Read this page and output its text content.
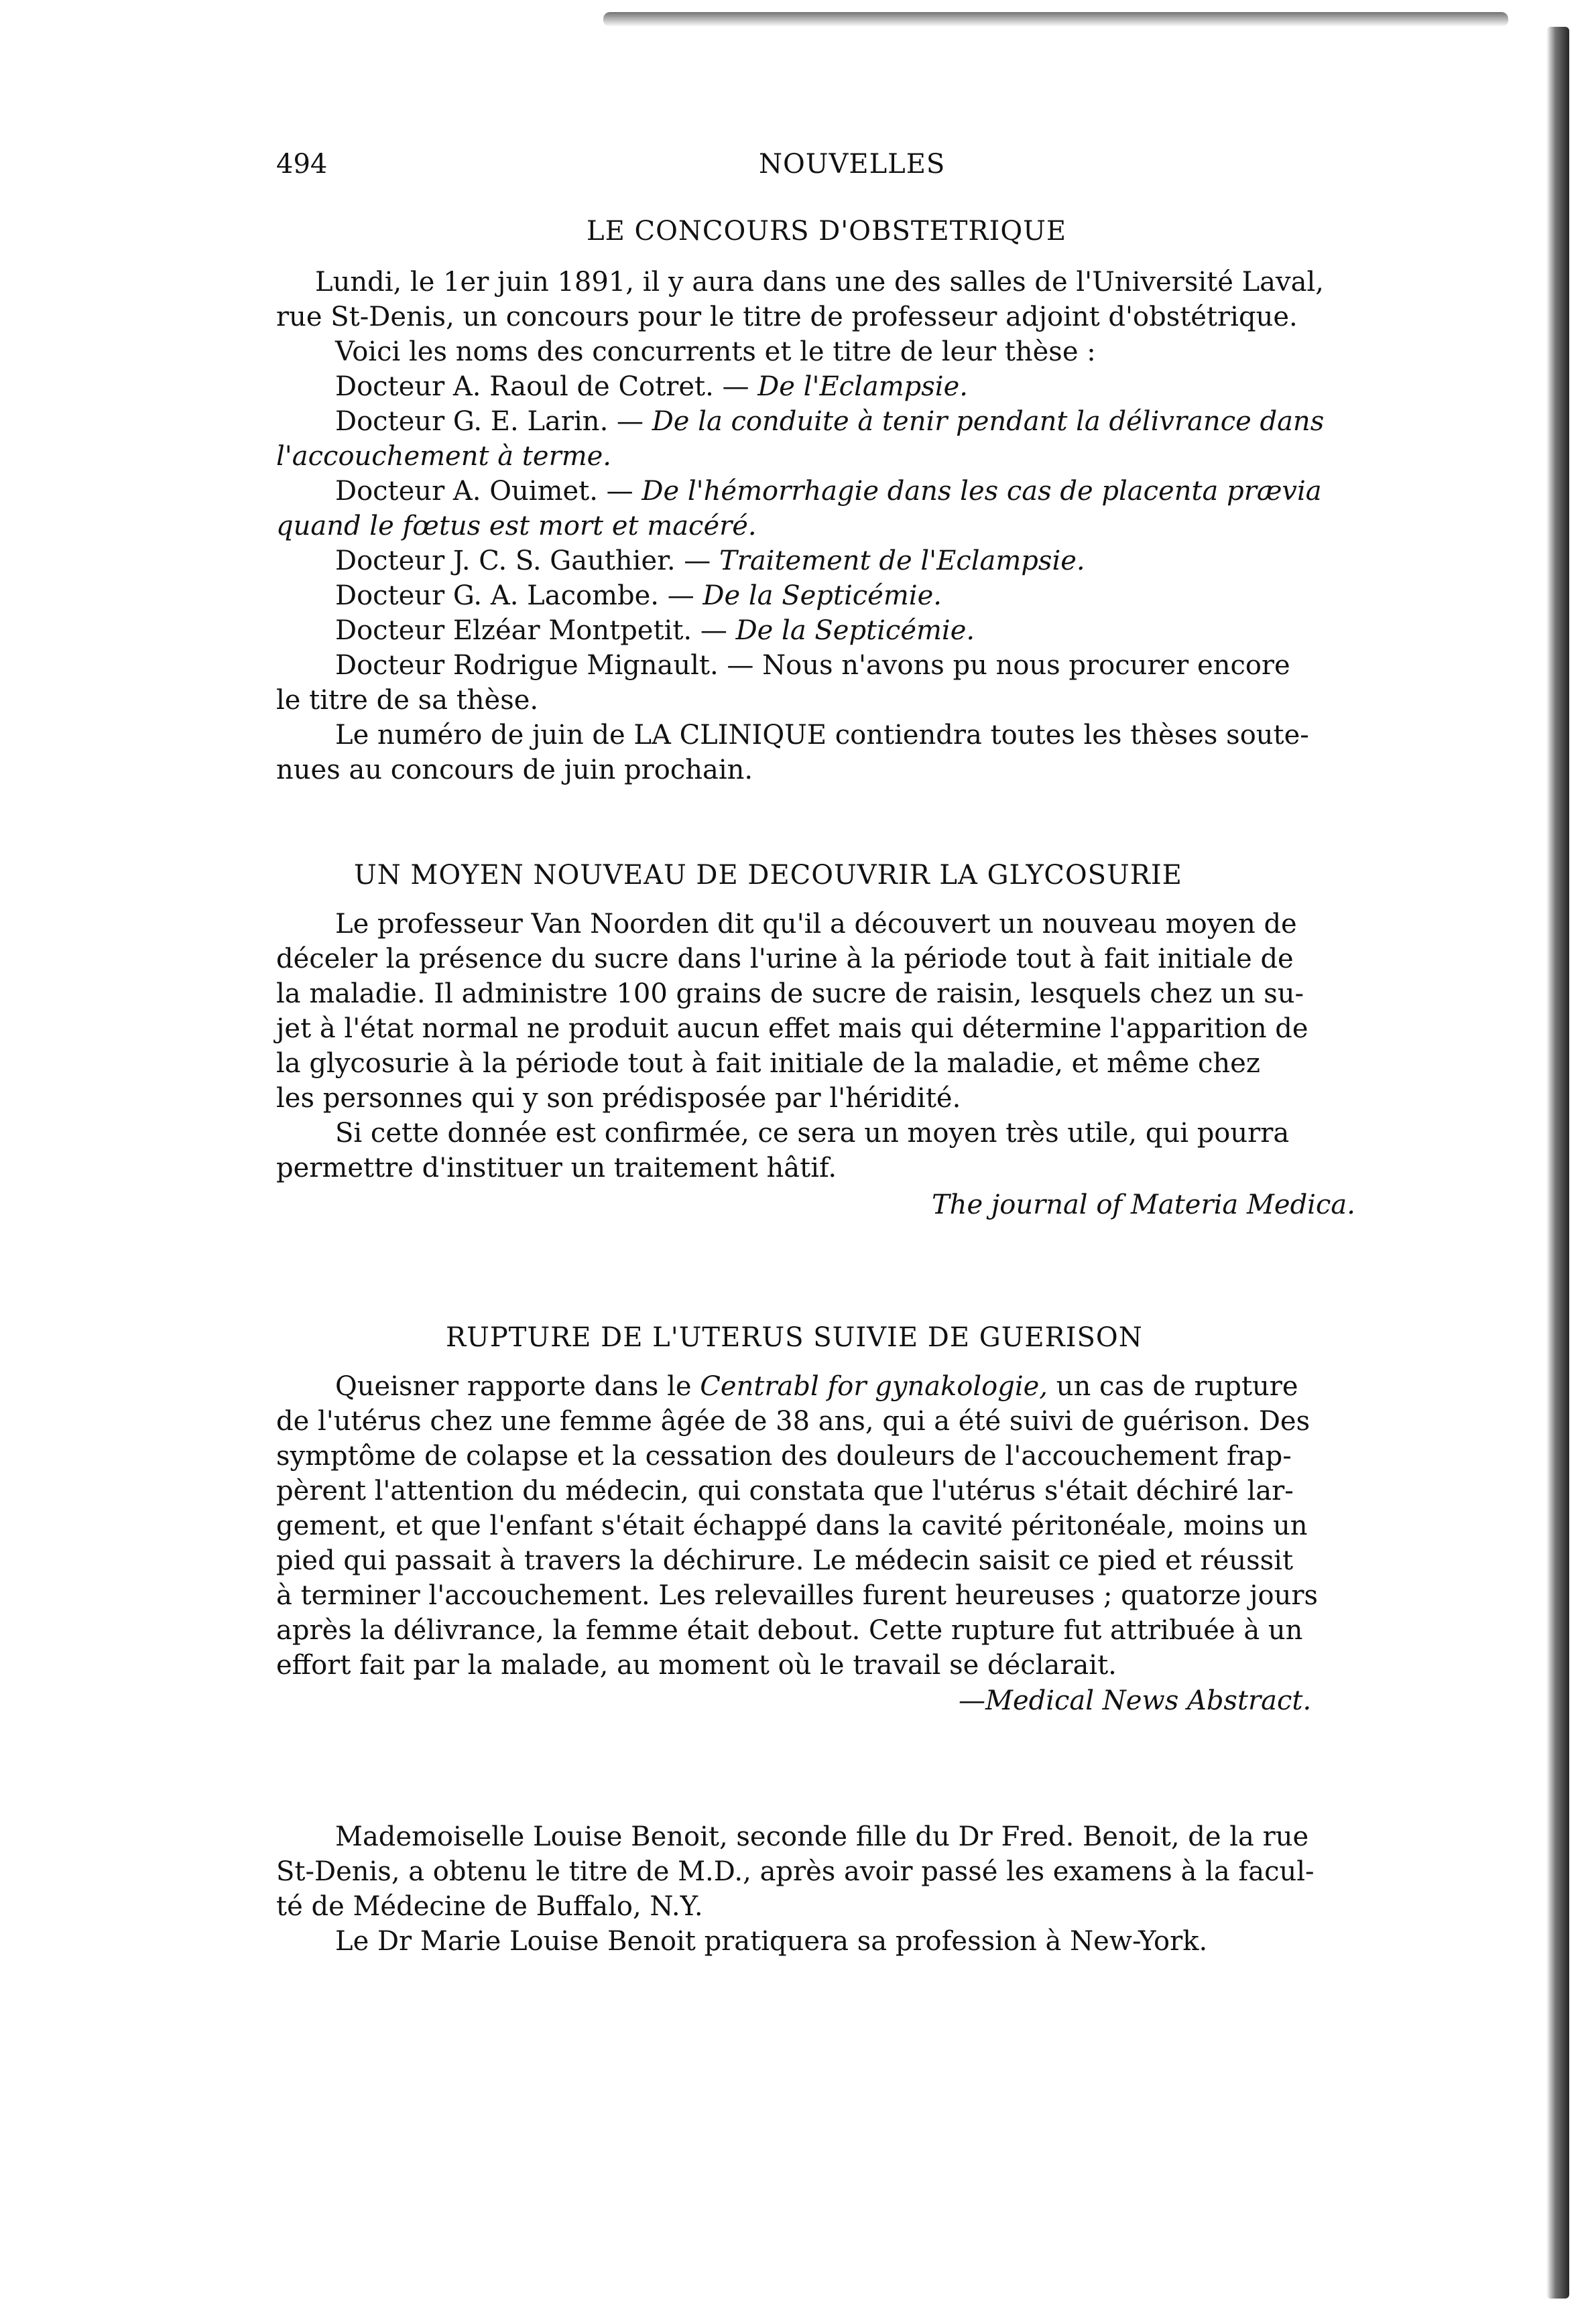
494	NOUVELLES
LE CONCOURS D'OBSTETRIQUE
Lundi, le 1er juin 1891, il y aura dans une des salles de l'Université Laval,
rue St-Denis, un concours pour le titre de professeur adjoint d'obstétrique.
Voici les noms des concurrents et le titre de leur thèse :
Docteur A. Raoul de Cotret. — De l'Eclampsie.
Docteur G. E. Larin. — De la conduite à tenir pendant la délivrance dans
l'accouchement à terme.
Docteur A. Ouimet. — De l'hémorrhagie dans les cas de placenta prævia
quand le fœtus est mort et macéré.
Docteur J. C. S. Gauthier. — Traitement de l'Eclampsie.
Docteur G. A. Lacombe. — De la Septicémie.
Docteur Elzéar Montpetit. — De la Septicémie.
Docteur Rodrigue Mignault. — Nous n'avons pu nous procurer encore
le titre de sa thèse.
Le numéro de juin de LA CLINIQUE contiendra toutes les thèses soute-
nues au concours de juin prochain.
UN MOYEN NOUVEAU DE DECOUVRIR LA GLYCOSURIE
Le professeur Van Noorden dit qu'il a découvert un nouveau moyen de
déceler la présence du sucre dans l'urine à la période tout à fait initiale de
la maladie. Il administre 100 grains de sucre de raisin, lesquels chez un su-
jet à l'état normal ne produit aucun effet mais qui détermine l'apparition de
la glycosurie à la période tout à fait initiale de la maladie, et même chez
les personnes qui y son prédisposée par l'héridité.
Si cette donnée est confirmée, ce sera un moyen très utile, qui pourra
permettre d'instituer un traitement hâtif.
The journal of Materia Medica.
RUPTURE DE L'UTERUS SUIVIE DE GUERISON
Queisner rapporte dans le Centrabl for gynakologie, un cas de rupture
de l'utérus chez une femme âgée de 38 ans, qui a été suivi de guérison. Des
symptôme de colapse et la cessation des douleurs de l'accouchement frap-
pèrent l'attention du médecin, qui constata que l'utérus s'était déchiré lar-
gement, et que l'enfant s'était échappé dans la cavité péritonéale, moins un
pied qui passait à travers la déchirure. Le médecin saisit ce pied et réussit
à terminer l'accouchement. Les relevailles furent heureuses ; quatorze jours
après la délivrance, la femme était debout. Cette rupture fut attribuée à un
effort fait par la malade, au moment où le travail se déclarait.
—Medical News Abstract.
Mademoiselle Louise Benoit, seconde fille du Dr Fred. Benoit, de la rue
St-Denis, a obtenu le titre de M.D., après avoir passé les examens à la facul-
té de Médecine de Buffalo, N.Y.
Le Dr Marie Louise Benoit pratiquera sa profession à New-York.
